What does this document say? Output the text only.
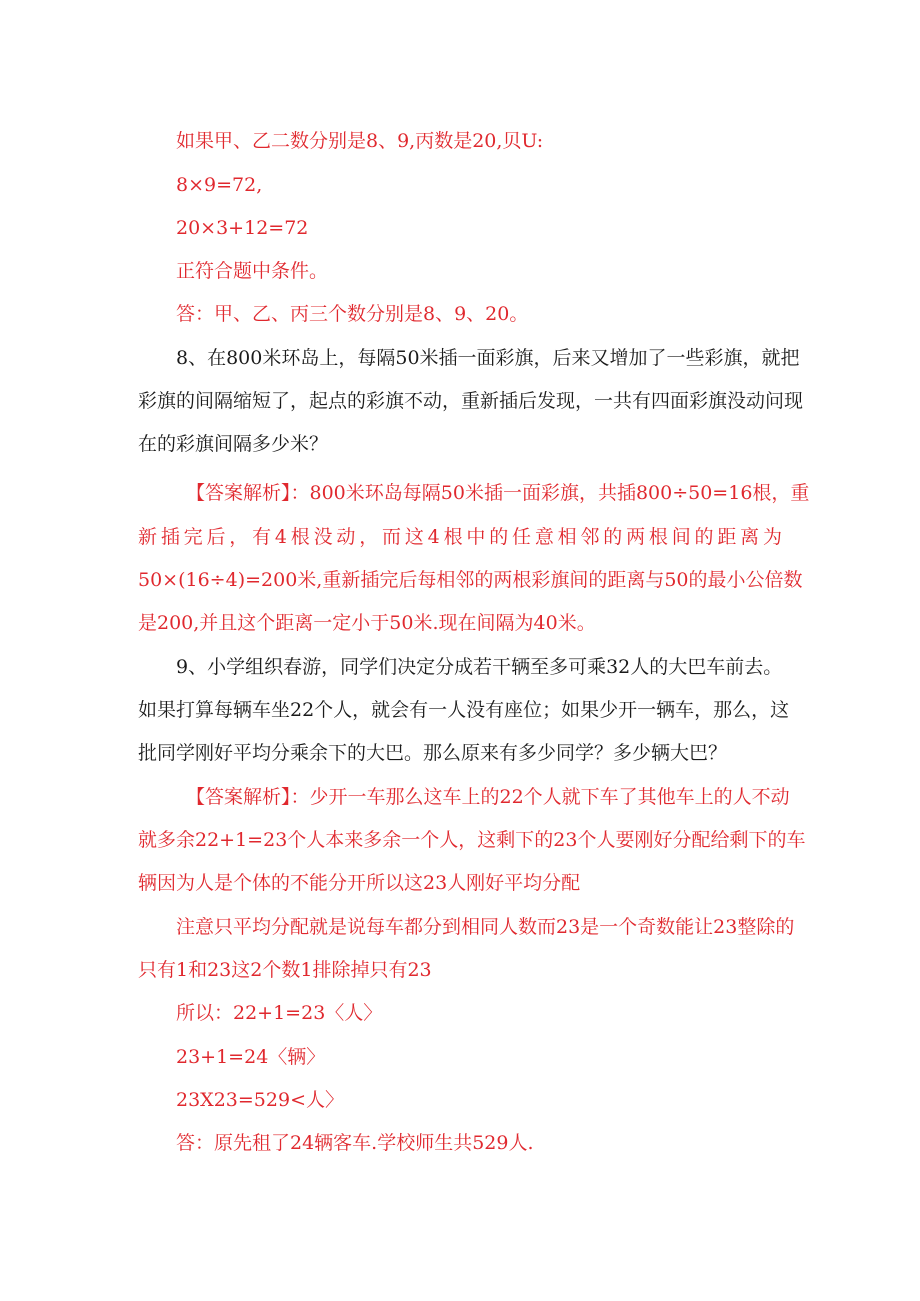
如果甲、乙二数分别是8、9,丙数是20,贝U:
8×9=72,
20×3+12=72
正符合题中条件。
答：甲、乙、丙三个数分别是8、9、20。
8、在800米环岛上，每隔50米插一面彩旗，后来又增加了一些彩旗，就把
彩旗的间隔缩短了，起点的彩旗不动，重新插后发现，一共有四面彩旗没动问现
在的彩旗间隔多少米？
【答案解析】：800米环岛每隔50米插一面彩旗，共插800÷50=16根，重
新插完后，有4根没动，而这4根中的任意相邻的两根间的距离为
50×(16÷4)=200米,重新插完后每相邻的两根彩旗间的距离与50的最小公倍数
是200,并且这个距离一定小于50米.现在间隔为40米。
9、小学组织春游，同学们决定分成若干辆至多可乘32人的大巴车前去。
如果打算每辆车坐22个人，就会有一人没有座位；如果少开一辆车，那么，这
批同学刚好平均分乘余下的大巴。那么原来有多少同学？多少辆大巴？
【答案解析】：少开一车那么这车上的22个人就下车了其他车上的人不动
就多余22+1=23个人本来多余一个人，这剩下的23个人要刚好分配给剩下的车
辆因为人是个体的不能分开所以这23人刚好平均分配
注意只平均分配就是说每车都分到相同人数而23是一个奇数能让23整除的
只有1和23这2个数1排除掉只有23
所以：22+1=23〈人〉
23+1=24〈辆〉
23X23=529<人〉
答：原先租了24辆客车.学校师生共529人.
